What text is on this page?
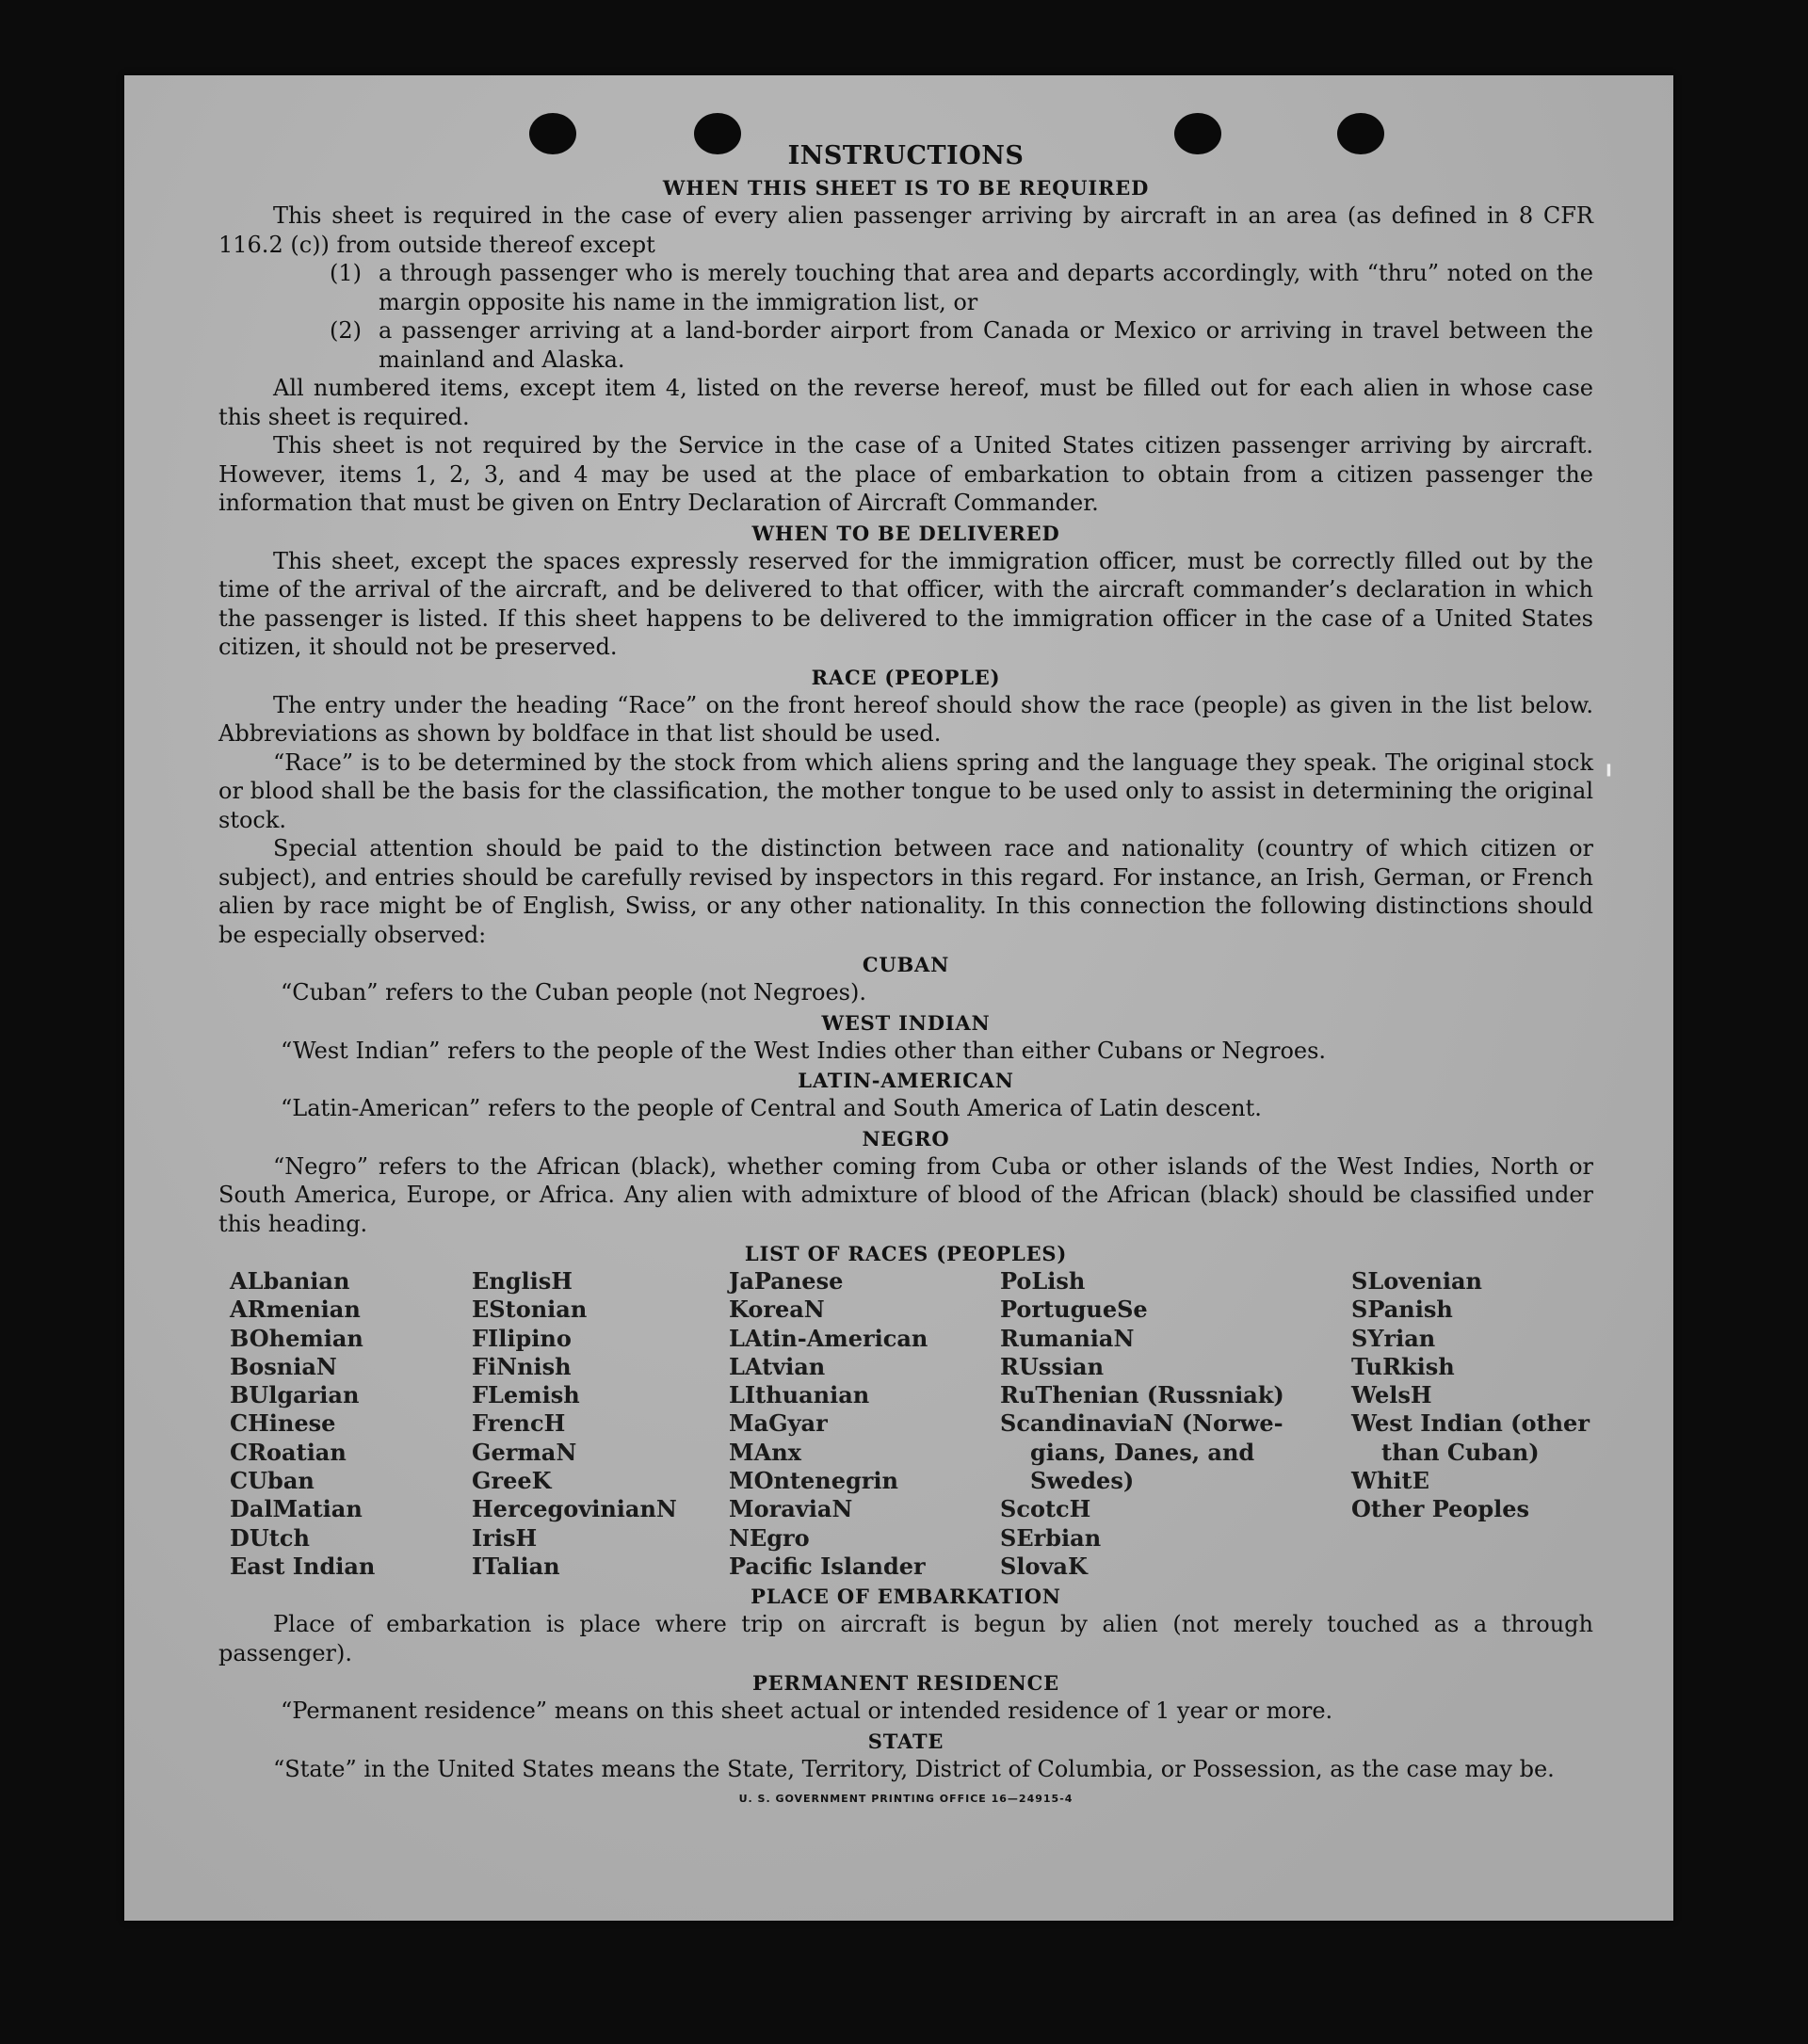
╻
INSTRUCTIONS
WHEN THIS SHEET IS TO BE REQUIRED

This sheet is required in the case of every alien passenger arriving by aircraft in an area (as defined in 8 CFR 116.2 (c)) from outside thereof except

(1) a through passenger who is merely touching that area and departs accordingly, with “thru” noted on the margin opposite his name in the immigration list, or

(2) a passenger arriving at a land-border airport from Canada or Mexico or arriving in travel between the mainland and Alaska.

All numbered items, except item 4, listed on the reverse hereof, must be filled out for each alien in whose case this sheet is required.

This sheet is not required by the Service in the case of a United States citizen passenger arriving by aircraft. However, items 1, 2, 3, and 4 may be used at the place of embarkation to obtain from a citizen passenger the information that must be given on Entry Declaration of Aircraft Commander.

WHEN TO BE DELIVERED

This sheet, except the spaces expressly reserved for the immigration officer, must be correctly filled out by the time of the arrival of the aircraft, and be delivered to that officer, with the aircraft commander’s declaration in which the passenger is listed. If this sheet happens to be delivered to the immigration officer in the case of a United States citizen, it should not be preserved.

RACE (PEOPLE)

The entry under the heading “Race” on the front hereof should show the race (people) as given in the list below. Abbreviations as shown by boldface in that list should be used.

“Race” is to be determined by the stock from which aliens spring and the language they speak. The original stock or blood shall be the basis for the classification, the mother tongue to be used only to assist in determining the original stock.

Special attention should be paid to the distinction between race and nationality (country of which citizen or subject), and entries should be carefully revised by inspectors in this regard. For instance, an Irish, German, or French alien by race might be of English, Swiss, or any other nationality. In this connection the following distinctions should be especially observed:

CUBAN

“Cuban” refers to the Cuban people (not Negroes).

WEST INDIAN

“West Indian” refers to the people of the West Indies other than either Cubans or Negroes.

LATIN-AMERICAN

“Latin-American” refers to the people of Central and South America of Latin descent.

NEGRO

“Negro” refers to the African (black), whether coming from Cuba or other islands of the West Indies, North or South America, Europe, or Africa. Any alien with admixture of blood of the African (black) should be classified under this heading.

LIST OF RACES (PEOPLES)
ALbanian
ARmenian
BOhemian
BosniaN
BUlgarian
CHinese
CRoatian
CUban
DalMatian
DUtch
East Indian
EnglisH
EStonian
FIlipino
FiNnish
FLemish
FrencH
GermaN
GreeK
HercegovinianN
IrisH
ITalian
JaPanese
KoreaN
LAtin-American
LAtvian
LIthuanian
MaGyar
MAnx
MOntenegrin
MoraviaN
NEgro
Pacific Islander
PoLish
PortugueSe
RumaniaN
RUssian
RuThenian (Russniak)
ScandinaviaN (Norwe-
gians, Danes, and
Swedes)
ScotcH
SErbian
SlovaK
SLovenian
SPanish
SYrian
TuRkish
WelsH
West Indian (other
than Cuban)
WhitE
Other Peoples
PLACE OF EMBARKATION

Place of embarkation is place where trip on aircraft is begun by alien (not merely touched as a through passenger).

PERMANENT RESIDENCE

“Permanent residence” means on this sheet actual or intended residence of 1 year or more.

STATE

“State” in the United States means the State, Territory, District of Columbia, or Possession, as the case may be.

U. S. GOVERNMENT PRINTING OFFICE 16—24915-4
